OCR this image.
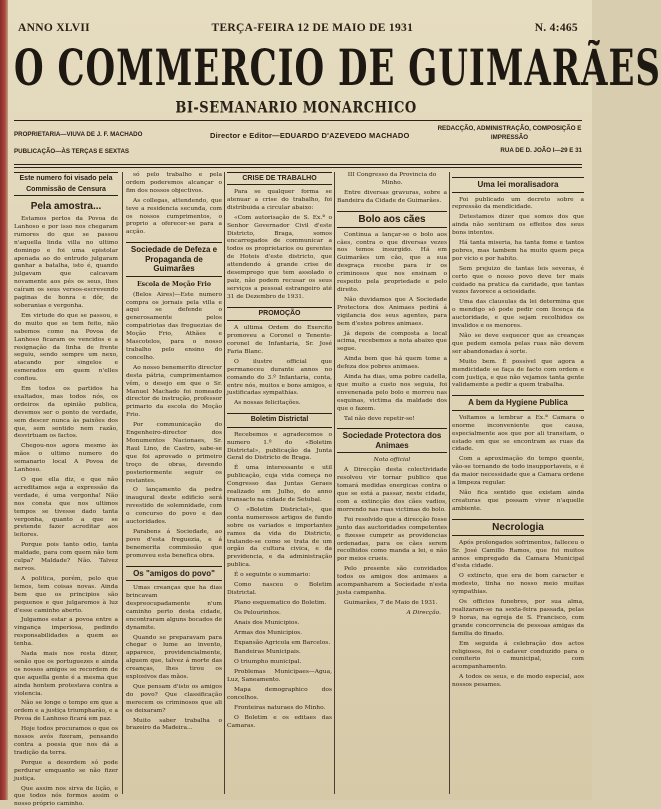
ANNO XLVII	TERÇA-FEIRA 12 DE MAIO DE 1931	N. 4:465
O COMMERCIO DE GUIMARÃES
BI-SEMANARIO MONARCHICO
PROPRIETARIA—VIUVA DE J. F. MACHADO
PUBLICAÇÃO—ÀS TERÇAS E SEXTAS
Director e Editor—EDUARDO D'AZEVEDO MACHADO
REDACÇÃO, ADMINISTRAÇÃO, COMPOSIÇÃO E IMPRESSÃO
RUA DE D. JOÃO I—29 E 31
Este numero foi visado pela Commissão de Censura
Pela amostra...

Estamos pertos da Povoa de Lanhoso e por isso nos chegaram rumores do que se passou n'aquella linda villa no ultimo domingo e foi uma epistolar apenada ao do entrudo julgaram ganhar a batalha, isto é, quando julgavam que calcavam novamente aos pés os seus, lhes caíram os seus versos-escrevendo paginas de honra e dôr, de soberanias e vergonha.

Em virtude do que se passou, e do muito que se tem feito, não sabemos como na Povoa de Lanhoso ficaram os vencidos e a resignação da linha de frente seguiu, sendo sempre um nexo, atacando por singelos e esmerados em quem n'elles confiou.

Em todos os partidos ha exaltados, mas todos nós, os ordeiros da opinião publica, devemos ser o ponto de verdade, sem descer nunca às paixões dos que, sem sentido nem razão, desvirtuam os factos.

Chegou-nos agora mesmo às mãos o ultimo numero do semanario local A Povoa de Lanhoso.

O que ella diz, e que não acreditamos seja a expressão da verdade, é uma vergonha! Não nos consta que nos ultimos tempos se tivesse dado tanta vergonha, quanto a que se pretende fazer acreditar aos leitores.

Porque pois tanto odio, tanta maldade, para com quem não tem culpa? Maldade? Não. Talvez nervos.

A politica, porém, pelo que lemos, tem coisas novas. Ainda bem que os principios são pequenos e que julgaremos à luz d'esse caminho aberto.

Julgamos estar a povoa entre a vingança imperiosa, pedindo responsabilidades a quem as tenha.

Nada mais nos resta dizer, senão que os portuguezes e ainda os nossos amigos se recordem de que aquella gente é a mesma que ainda hontem protestava contra a violencia.

Não se longe o tempo em que a ordem e a justiça triumpharão, e a Povoa de Lanhoso ficará em paz.

Hoje todos procuramos o que os nossos avós fizeram, pensando contra a poesia que nos dá a tradição da terra.

Porque a desordem só pode perdurar emquanto se não fizer justiça.

Que assim nos sirva de lição, e que todos nós formos assim o nosso próprio caminho.

só pelo trabalho e pela ordem poderemos alcançar o fim dos nossos objectivos.

As collegas, attendendo, que teve a residencia secunda, com os nossos cumprimentos, o proprio a oferecer-se para a acção.

Sociedade de Defeza e Propaganda de Guimarães
Escola de Moção Frio

(Belos Aires)—Este numero compra os jornais pela villa e aqui se defende o generosamente pelos compatriotas das freguezias de Moção Frio, Athães e Mascotelos, para o nosso trabalho pelo ensino do concelho.

Ao nosso benemerito director desta pátria, cumprimentamos vêm, o desejo em que o Sr. Manuel Machado foi nomeado director de instrução, professor primario da escola do Moção Frio.

Por communicação do Engenheiro-director dos Monumentos Nacionaes, Sr. Raul Lino, de Castro, sabe-se que foi aprovado o primeiro troço de obras, devendo posteriormente seguir os restantes.

O lançamento da pedra inaugural deste edificio será revestido de solemnidade, com o concurso do povo e das auctoridades.

Parabens á Sociedade, ao povo d'esta freguezia, e á benemerita commissão que promoveu esta benefica obra.

Os "amigos do povo"

Umas creanças que ha dias brincavam despreocupadamente n'um caminho perto desta cidade, encontraram alguns bocados de dynamite.

Quando se preparavam para chegar o lume ao invento, apparece, providencialmente, alguem que, talvez á morte das creanças, lhes tirou os explosivos das mãos.

Que pensam d'isto os amigos do povo? Que classificação merecem os criminosos que ali os deixaram?

Muito saber trabalha o brazeiro da Madeira...

CRISE DE TRABALHO

Para se qualquer forma se atenuar a crise do trabalho, foi distribuida a circular abaixo:

«Com autorisação de S. Ex.ª o Senhor Governador Civil d'este Districto, Braga, somos encarregados de communicar a todos os proprietarios ou gerentes de Hoteis d'este districto, que attendendo á grande crise de desemprego que tem assolado o paiz, não podem recusar os seus serviços a pessoal estrangeiro até 31 de Dezembro de 1931.

PROMOÇÃO

A ultima Ordem do Exercito promoveu a Coronel o Tenente-coronel de Infantaria, Sr. José Faria Blanc.

O ilustre official que permaneceu durante annos no comando do 3.º Infantaria, conta, entre nós, muitos e bons amigos, e justificadas sympathias.

As nossas felicitações.

Boletim Districtal

Recebemos e agradecemos o numero 1.º do «Boletim Districtal», publicação da Junta Geral do Districto de Braga.

É uma interessante e util publicação, cuja vida começa no Congresso das Juntas Geraes realizado em Julho, do anno transacto na cidade de Setubal.

O «Boletim Districtal», que conta numerosos artigos de fundo sobre os variados e importantes ramos da vida do Districto, tratando-se como se trata de um orgão da cultura civica, e da previdencia, e da administração publica.

É o seguinte o summario:

Como nasceu o Boletim Districtal.

Plano esquematico do Boletim.

Os Pelourinhos.

Anais dos Municipios.

Armas dos Municipios.

Expansão Agricola em Barcelos.

Bandeiras Municipais.

O triumpho municipal.

Problemas Municipaes—Agua, Luz, Saneamento.

Mapa demographico dos concelhos.

Fronteiras naturaes do Minho.

O Boletim e os editaes das Camaras.

III Congresso da Provincia do Minho.

Entre diversas gravuras, sobre a Bandeira da Cidade de Guimarães.

Bolo aos cães

Continua a lançar-se o bolo aos cães, contra o que diversas vezes nos temos insurgido. Há em Guimarães um cão, que a sua desgraça recebe para ir os criminosos que nos ensinam o respeito pela propriedade e pelo direito.

Não duvidamos que A Sociedade Protectora dos Animaes pedirá á vigilancia dos seus agentes, para bem d'estes pobres animaes.

Já depois de composta a local acima, recebemos a nota abaixo que segue.

Ainda bem que há quem tome a defeza dos pobres animaes.

Ainda ha dias, uma pobre cadella, que muito a custo nos seguia, foi envenenada pelo bolo e morreu nas esquinas, victima da maldade dos que o fazem.

Tal não deve repetir-se!

Sociedade Protectora dos Animaes
Nota official

A Direcção desta colectividade resolveu vir tornar publico que tomará medidas energicas contra o que se está a passar, neste cidade, com a extincção dos cães vadios, morrendo nas ruas victimas do bolo.

Foi resolvido que a direcção fosse junto das auctoridades competentes e fizesse cumprir as providencias ordenadas, para os cães serem recolhidos como manda a lei, e não por meios crueis.

Pelo presente são convidados todos os amigos dos animaes a acompanharem a Sociedade n'esta justa campanha.

Guimarães, 7 de Maio de 1931.

A Direcção.
Uma lei moralisadora

Foi publicado um decreto sobre a repressão da mendicidade.

Detestamos dizer que somos dos que ainda não sentiram os effeitos dos seus bons intentos.

Há tanta miseria, ha tanta fome e tantos pobres, mas tambem ha muito quem peça por vicio e por habito.

Sem prejuizo de tantas leis severas, é certo que o nosso povo deve ter mais cuidado na pratica da caridade, que tantas vezes favorece a ociosidade.

Uma das clausulas da lei determina que o mendigo só pode pedir com licença da auctoridade, e que sejam recolhidos os invalidos e os menores.

Não se deve esquecer que as creanças que pedem esmola pelas ruas não devem ser abandonadas á sorte.

Muito bem. É possível que agora a mendicidade se faça de facto com ordem e com justiça, e que não vejamos tanta gente validamente a pedir a quem trabalha.

A bem da Hygiene Publica

Voltamos a lembrar a Ex.ª Camara o enorme inconveniente que causa, especialmente aos que por ali transitam, o estado em que se encontram as ruas da cidade.

Com a aproximação do tempo quente, vão-se tornando de todo insupportaveis, e é da maior necessidade que a Camara ordene a limpeza regular.

Não fica sentido que existam ainda creaturas que possam viver n'aquelle ambiente.

Necrologia

Após prolongados sofrimentos, falleceu o Sr. José Camillo Ramos, que foi muitos annos empregado da Camara Municipal d'esta cidade.

O extincto, que era de bom caracter e modesto, tinha no nosso meio muitas sympathias.

Os officios funebres, por sua alma, realizaram-se na sexta-feira passada, pelas 9 horas, na egreja de S. Francisco, com grande concorrencia de pessoas amigas da familia do finado.

Em seguida á celebração dos actos religiosos, foi o cadaver conduzido para o cemiterio municipal, com acompanhamento.

A todos os seus, e de modo especial, aos nossos pesames.
